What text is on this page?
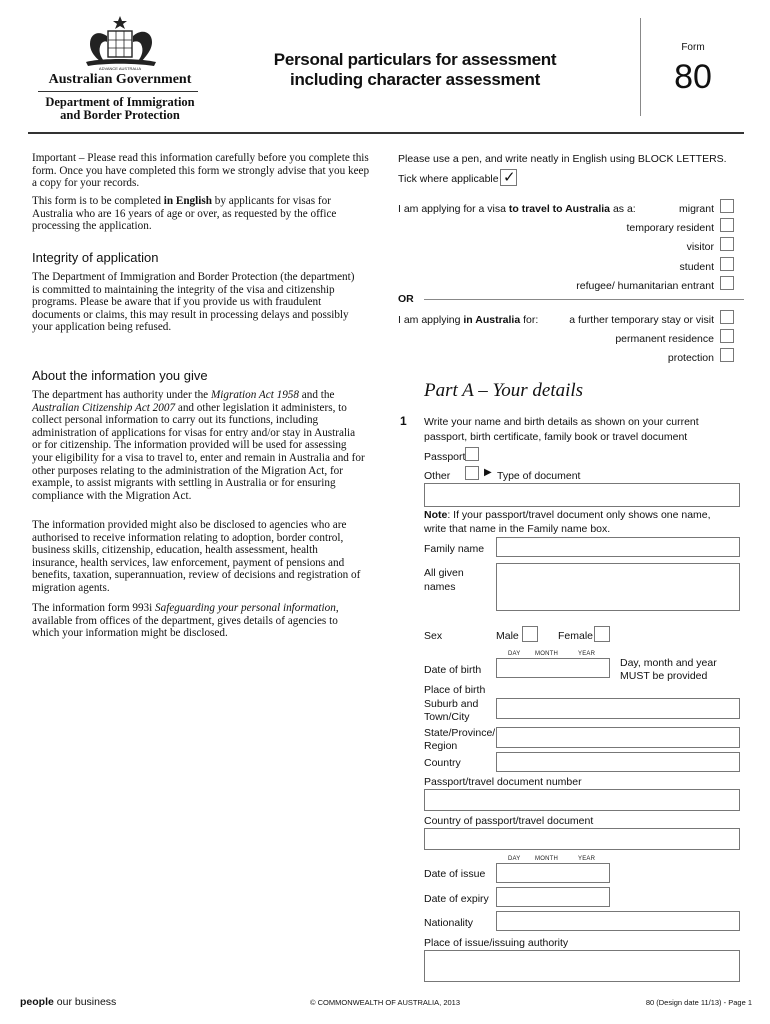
ADVANCE AUSTRALIA
Australian Government
Department of Immigration
and Border Protection
Personal particulars for assessment
including character assessment
Form
80
Important – Please read this information carefully before you complete this form. Once you have completed this form we strongly advise that you keep a copy for your records.
This form is to be completed in English by applicants for visas for Australia who are 16 years of age or over, as requested by the office processing the application.
Integrity of application
The Department of Immigration and Border Protection (the department) is committed to maintaining the integrity of the visa and citizenship programs. Please be aware that if you provide us with fraudulent documents or claims, this may result in processing delays and possibly your application being refused.
About the information you give
The department has authority under the Migration Act 1958 and the Australian Citizenship Act 2007 and other legislation it administers, to collect personal information to carry out its functions, including administration of applications for visas for entry and/or stay in Australia or for citizenship. The information provided will be used for assessing your eligibility for a visa to travel to, enter and remain in Australia and for other purposes relating to the administration of the Migration Act, for example, to assist migrants with settling in Australia or for ensuring compliance with the Migration Act.
The information provided might also be disclosed to agencies who are authorised to receive information relating to adoption, border control, business skills, citizenship, education, health assessment, health insurance, health services, law enforcement, payment of pensions and benefits, taxation, superannuation, review of decisions and registration of migration agents.
The information form 993i Safeguarding your personal information, available from offices of the department, gives details of agencies to which your information might be disclosed.
Please use a pen, and write neatly in English using BLOCK LETTERS.
Tick where applicable ✓
I am applying for a visa to travel to Australia as a:	migrant
temporary resident
visitor
student
refugee/ humanitarian entrant
OR
I am applying in Australia for:	a further temporary stay or visit
permanent residence
protection
Part A – Your details
1 Write your name and birth details as shown on your current
passport, birth certificate, family book or travel document
Passport
Other	▶ Type of document
Note: If your passport/travel document only shows one name,
write that name in the Family name box.
Family name
All given
names
Sex	Male	Female
DAY MONTH	YEAR
Date of birth
Day, month and year
MUST be provided
Place of birth
Suburb and
Town/City
State/Province/
Region
Country
Passport/travel document number
Country of passport/travel document
DAY MONTH	YEAR
Date of issue
Date of expiry
Nationality
Place of issue/issuing authority
people our business	© COMMONWEALTH OF AUSTRALIA, 2013	80 (Design date 11/13) - Page 1
